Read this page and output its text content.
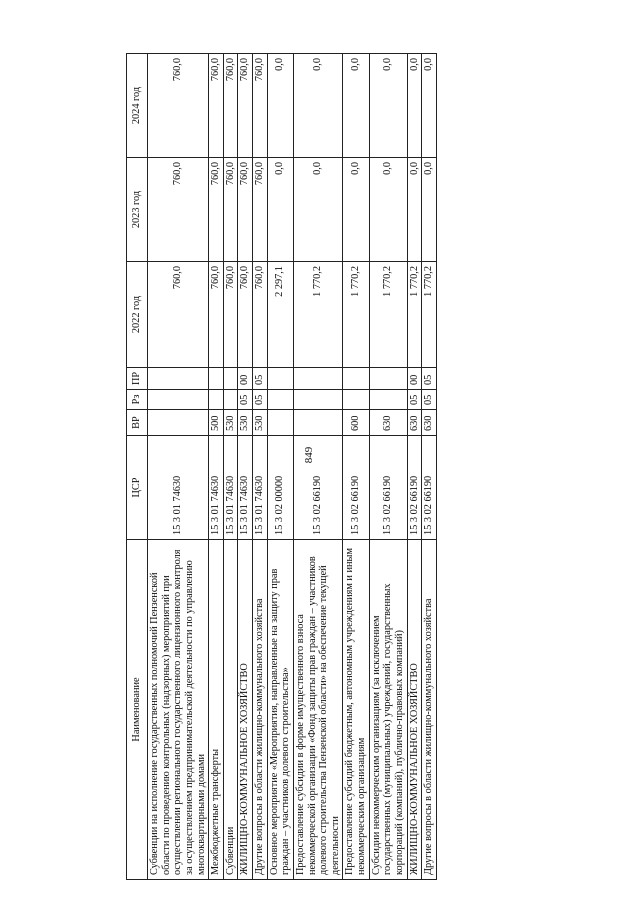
849
Наименование	ЦСР	ВР	Рз	ПР	2022 год	2023 год	2024 год
Субвенции на исполнение государственных полномочий Пензенской области по проведению контрольных (надзорных) мероприятий при осуществлении регионального государственного лицензионного контроля за осуществлением предпринимательской деятельности по управлению многоквартирными домами	15 3 01 74630				760,0	760,0	760,0
Межбюджетные трансферты	15 3 01 74630	500			760,0	760,0	760,0
Субвенции	15 3 01 74630	530			760,0	760,0	760,0
ЖИЛИЩНО-КОММУНАЛЬНОЕ ХОЗЯЙСТВО	15 3 01 74630	530	05	00	760,0	760,0	760,0
Другие вопросы в области жилищно-коммунального хозяйства	15 3 01 74630	530	05	05	760,0	760,0	760,0
Основное мероприятие «Мероприятия, направленные на защиту прав граждан – участников долевого строительства»	15 3 02 00000				2 297,1	0,0	0,0
Предоставление субсидии в форме имущественного взноса некоммерческой организации «Фонд защиты прав граждан – участников долевого строительства Пензенской области» на обеспечение текущей деятельности	15 3 02 66190				1 770,2	0,0	0,0
Предоставление субсидий бюджетным, автономным учреждениям и иным некоммерческим организациям	15 3 02 66190	600			1 770,2	0,0	0,0
Субсидии некоммерческим организациям (за исключением государственных (муниципальных) учреждений, государственных корпораций (компаний), публично-правовых компаний)	15 3 02 66190	630			1 770,2	0,0	0,0
ЖИЛИЩНО-КОММУНАЛЬНОЕ ХОЗЯЙСТВО	15 3 02 66190	630	05	00	1 770,2	0,0	0,0
Другие вопросы в области жилищно-коммунального хозяйства	15 3 02 66190	630	05	05	1 770,2	0,0	0,0
